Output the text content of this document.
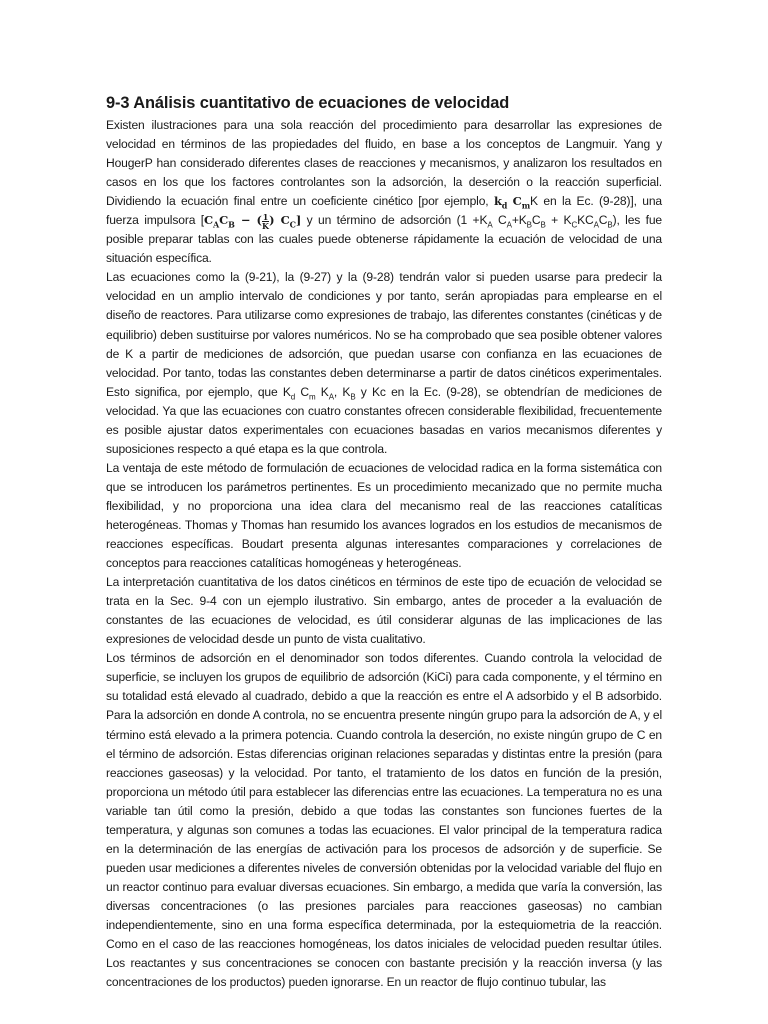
9-3 Análisis cuantitativo de ecuaciones de velocidad

Existen ilustraciones para una sola reacción del procedimiento para desarrollar las expresiones de velocidad en términos de las propiedades del fluido, en base a los conceptos de Langmuir. Yang y HougerP han considerado diferentes clases de reacciones y mecanismos, y analizaron los resultados en casos en los que los factores controlantes son la adsorción, la deserción o la reacción superficial. Dividiendo la ecuación final entre un coeficiente cinético [por ejemplo, $k_d$ $C_mK$ en la Ec. (9-28)], una fuerza impulsora [$C_AC_B$ − ( $\frac{1}{K}$ ) $C_C$] y un término de adsorción ($1 +K_A$ $C_A+K_BC_B + K_CKC_AC_B$), les fue posible preparar tablas con las cuales puede obtenerse rápidamente la ecuación de velocidad de una situación específica.

Las ecuaciones como la (9-21), la (9-27) y la (9-28) tendrán valor si pueden usarse para predecir la velocidad en un amplio intervalo de condiciones y por tanto, serán apropiadas para emplearse en el diseño de reactores. Para utilizarse como expresiones de trabajo, las diferentes constantes (cinéticas y de equilibrio) deben sustituirse por valores numéricos. No se ha comprobado que sea posible obtener valores de K a partir de mediciones de adsorción, que puedan usarse con confianza en las ecuaciones de velocidad. Por tanto, todas las constantes deben determinarse a partir de datos cinéticos experimentales. Esto significa, por ejemplo, que $K_d$ $C_m$ $K_A$, $K_B$ y Kc en la Ec. (9-28), se obtendrían de mediciones de velocidad. Ya que las ecuaciones con cuatro constantes ofrecen considerable flexibilidad, frecuentemente es posible ajustar datos experimentales con ecuaciones basadas en varios mecanismos diferentes y suposiciones respecto a qué etapa es la que controla.

La ventaja de este método de formulación de ecuaciones de velocidad radica en la forma sistemática con que se introducen los parámetros pertinentes. Es un procedimiento mecanizado que no permite mucha flexibilidad, y no proporciona una idea clara del mecanismo real de las reacciones catalíticas heterogéneas. Thomas y Thomas han resumido los avances logrados en los estudios de mecanismos de reacciones específicas. Boudart presenta algunas interesantes comparaciones y correlaciones de conceptos para reacciones catalíticas homogéneas y heterogéneas.

La interpretación cuantitativa de los datos cinéticos en términos de este tipo de ecuación de velocidad se trata en la Sec. 9-4 con un ejemplo ilustrativo. Sin embargo, antes de proceder a la evaluación de constantes de las ecuaciones de velocidad, es útil considerar algunas de las implicaciones de las expresiones de velocidad desde un punto de vista cualitativo.

Los términos de adsorción en el denominador son todos diferentes. Cuando controla la velocidad de superficie, se incluyen los grupos de equilibrio de adsorción (KiCi) para cada componente, y el término en su totalidad está elevado al cuadrado, debido a que la reacción es entre el A adsorbido y el B adsorbido. Para la adsorción en donde A controla, no se encuentra presente ningún grupo para la adsorción de A, y el término está elevado a la primera potencia. Cuando controla la deserción, no existe ningún grupo de C en el término de adsorción. Estas diferencias originan relaciones separadas y distintas entre la presión (para reacciones gaseosas) y la velocidad. Por tanto, el tratamiento de los datos en función de la presión, proporciona un método útil para establecer las diferencias entre las ecuaciones. La temperatura no es una variable tan útil como la presión, debido a que todas las constantes son funciones fuertes de la temperatura, y algunas son comunes a todas las ecuaciones. El valor principal de la temperatura radica en la determinación de las energías de activación para los procesos de adsorción y de superficie. Se pueden usar mediciones a diferentes niveles de conversión obtenidas por la velocidad variable del flujo en un reactor continuo para evaluar diversas ecuaciones. Sin embargo, a medida que varía la conversión, las diversas concentraciones (o las presiones parciales para reacciones gaseosas) no cambian independientemente, sino en una forma específica determinada, por la estequiometria de la reacción. Como en el caso de las reacciones homogéneas, los datos iniciales de velocidad pueden resultar útiles. Los reactantes y sus concentraciones se conocen con bastante precisión y la reacción inversa (y las concentraciones de los productos) pueden ignorarse. En un reactor de flujo continuo tubular, las
